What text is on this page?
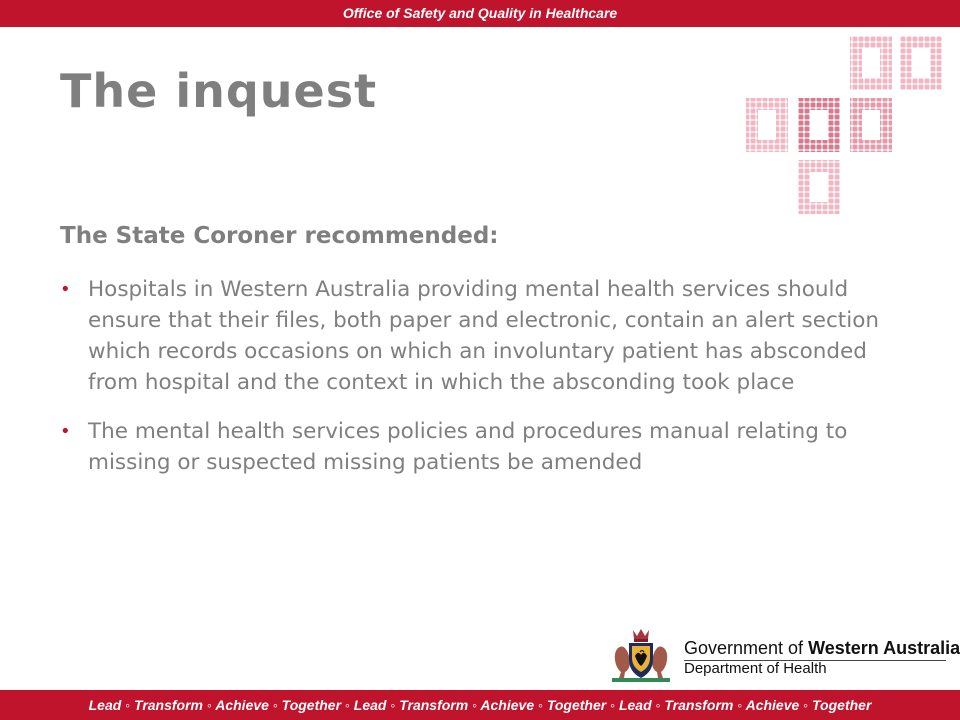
Office of Safety and Quality in Healthcare
The inquest
The State Coroner recommended:
• Hospitals in Western Australia providing mental health services should ensure that their files, both paper and electronic, contain an alert section which records occasions on which an involuntary patient has absconded from hospital and the context in which the absconding took place
• The mental health services policies and procedures manual relating to missing or suspected missing patients be amended
Government of Western Australia
Department of Health
Lead ◦ Transform ◦ Achieve ◦ Together ◦ Lead ◦ Transform ◦ Achieve ◦ Together ◦ Lead ◦ Transform ◦ Achieve ◦ Together
